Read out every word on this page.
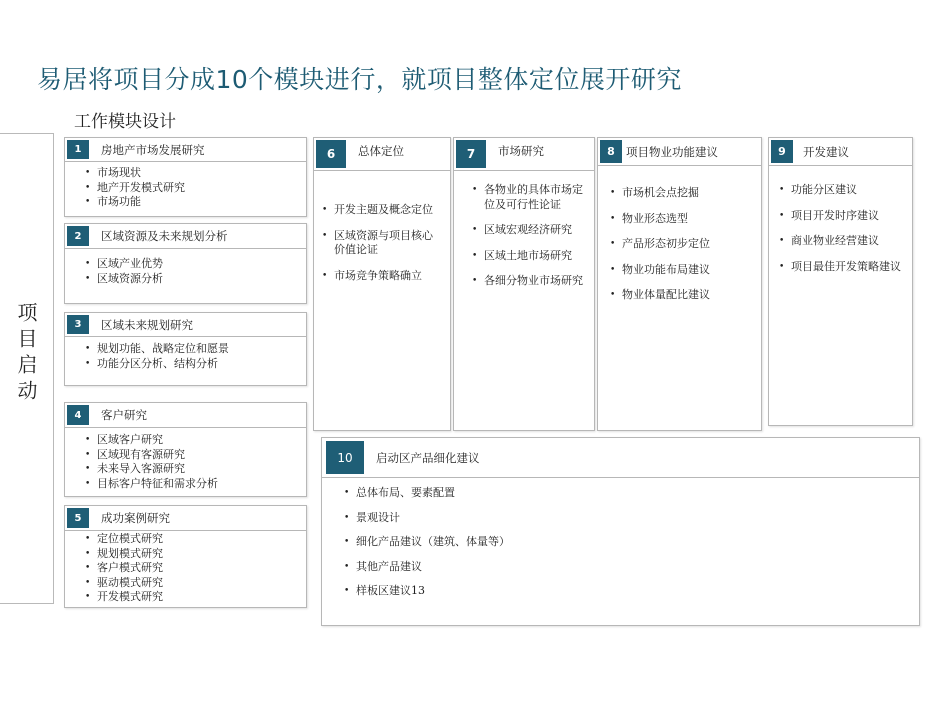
易居将项目分成10个模块进行，就项目整体定位展开研究
工作模块设计
项目启动
1	房地产市场发展研究
• 市场现状
• 地产开发模式研究
• 市场功能
2	区域资源及未来规划分析
• 区域产业优势
• 区域资源分析
3	区域未来规划研究
• 规划功能、战略定位和愿景
• 功能分区分析、结构分析
4	客户研究
• 区域客户研究
• 区域现有客源研究
• 未来导入客源研究
• 目标客户特征和需求分析
5	成功案例研究
• 定位模式研究
• 规划模式研究
• 客户模式研究
• 驱动模式研究
• 开发模式研究
6	总体定位
• 开发主题及概念定位
• 区域资源与项目核心价值论证
• 市场竞争策略确立
7	市场研究
• 各物业的具体市场定位及可行性论证
• 区域宏观经济研究
• 区域土地市场研究
• 各细分物业市场研究
8 项目物业功能建议
• 市场机会点挖掘
• 物业形态选型
• 产品形态初步定位
• 物业功能布局建议
• 物业体量配比建议
9	开发建议
• 功能分区建议
• 项目开发时序建议
• 商业物业经营建议
• 项目最佳开发策略建议
10	启动区产品细化建议
• 总体布局、要素配置
• 景观设计
• 细化产品建议（建筑、体量等）
• 其他产品建议
• 样板区建议13
